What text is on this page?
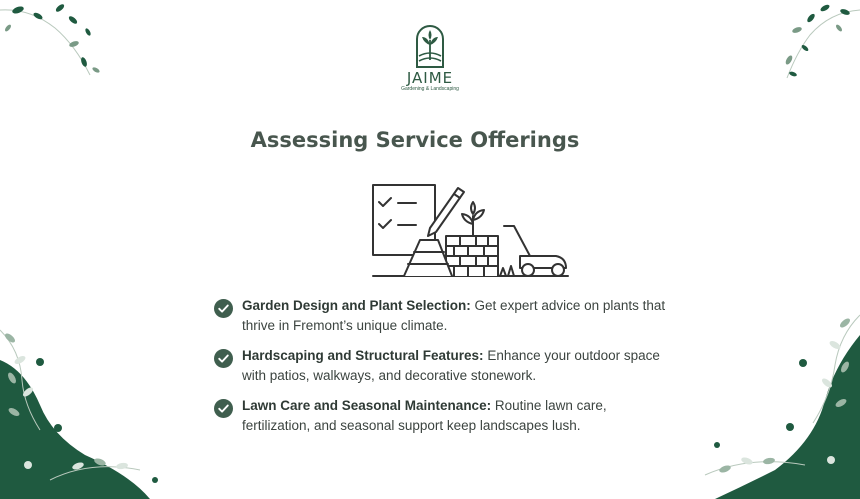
JAIME
Gardening & Landscaping
Assessing Service Offerings
Garden Design and Plant Selection: Get expert advice on plants that thrive in Fremont’s unique climate.
Hardscaping and Structural Features: Enhance your outdoor space with patios, walkways, and decorative stonework.
Lawn Care and Seasonal Maintenance: Routine lawn care, fertilization, and seasonal support keep landscapes lush.
